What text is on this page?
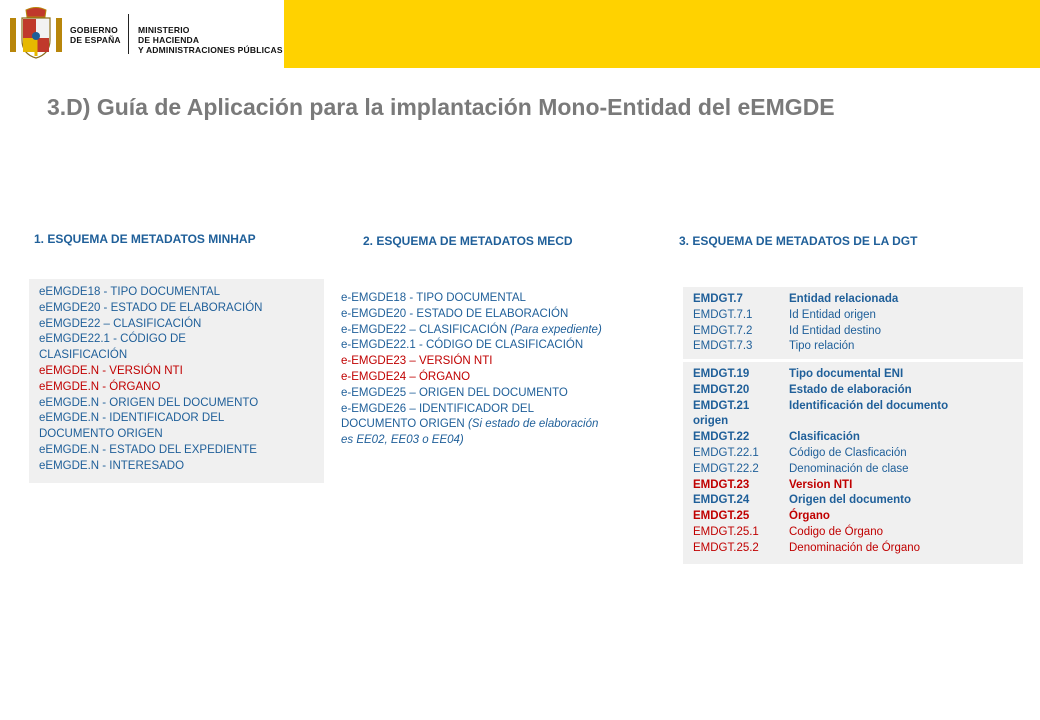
GOBIERNO
DE ESPAÑA
MINISTERIO
DE HACIENDA
Y ADMINISTRACIONES PÚBLICAS
3.D) Guía de Aplicación para la implantación Mono-Entidad del eEMGDE
1. ESQUEMA DE METADATOS MINHAP
eEMGDE18 - TIPO DOCUMENTAL
eEMGDE20 - ESTADO DE ELABORACIÓN
eEMGDE22 – CLASIFICACIÓN
eEMGDE22.1 - CÓDIGO DE
CLASIFICACIÓN
eEMGDE.N - VERSIÓN NTI
eEMGDE.N - ÓRGANO
eEMGDE.N - ORIGEN DEL DOCUMENTO
eEMGDE.N - IDENTIFICADOR DEL
DOCUMENTO ORIGEN
eEMGDE.N - ESTADO DEL EXPEDIENTE
eEMGDE.N - INTERESADO
2. ESQUEMA DE METADATOS MECD
e-EMGDE18 - TIPO DOCUMENTAL
e-EMGDE20 - ESTADO DE ELABORACIÓN
e-EMGDE22 – CLASIFICACIÓN (Para expediente)
e-EMGDE22.1 - CÓDIGO DE CLASIFICACIÓN
e-EMGDE23 – VERSIÓN NTI
e-EMGDE24 – ÓRGANO
e-EMGDE25 – ORIGEN DEL DOCUMENTO
e-EMGDE26 – IDENTIFICADOR DEL
DOCUMENTO ORIGEN (Si estado de elaboración
es EE02, EE03 o EE04)
3. ESQUEMA DE METADATOS DE LA DGT
EMDGT.7	Entidad relacionada
EMDGT.7.1	Id Entidad origen
EMDGT.7.2	Id Entidad destino
EMDGT.7.3	Tipo relación
EMDGT.19	Tipo documental ENI
EMDGT.20	Estado de elaboración
EMDGT.21	Identificación del documento
origen
EMDGT.22	Clasificación
EMDGT.22.1	Código de Clasficación
EMDGT.22.2	Denominación de clase
EMDGT.23	Version NTI
EMDGT.24	Origen del documento
EMDGT.25	Órgano
EMDGT.25.1	Codigo de Órgano
EMDGT.25.2	Denominación de Órgano
